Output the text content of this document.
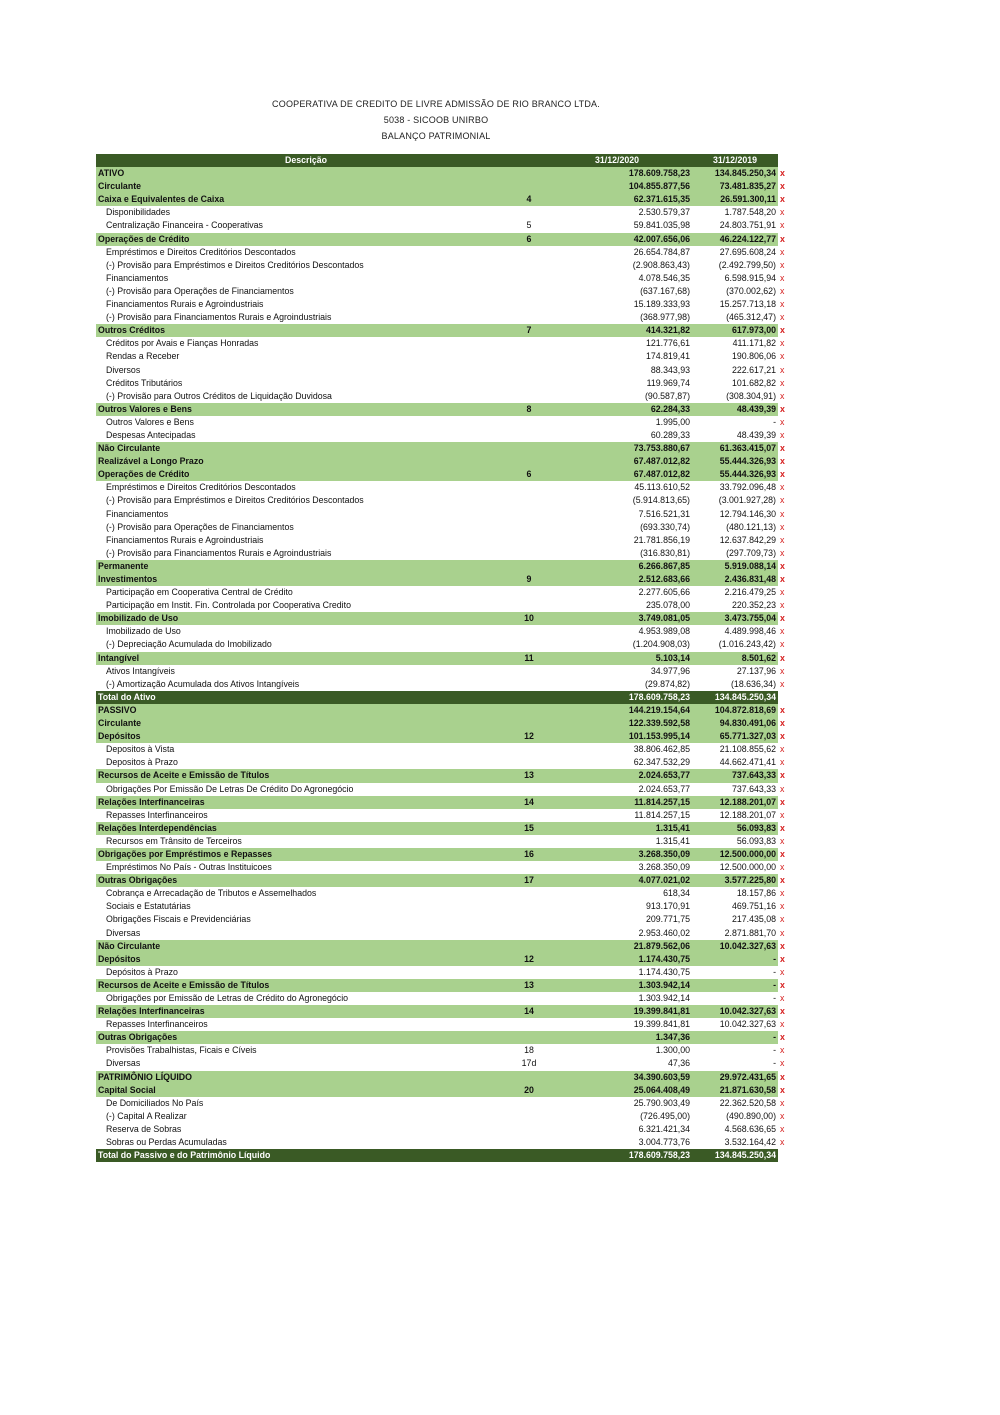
COOPERATIVA DE CREDITO DE LIVRE ADMISSÃO DE RIO BRANCO LTDA.
5038 - SICOOB UNIRBO
BALANÇO PATRIMONIAL
Descrição		31/12/2020	31/12/2019	
ATIVO		178.609.758,23	134.845.250,34	x
Circulante		104.855.877,56	73.481.835,27	x
Caixa e Equivalentes de Caixa	4	62.371.615,35	26.591.300,11	x
Disponibilidades		2.530.579,37	1.787.548,20	x
Centralização Financeira - Cooperativas	5	59.841.035,98	24.803.751,91	x
Operações de Crédito	6	42.007.656,06	46.224.122,77	x
Empréstimos e Direitos Creditórios Descontados		26.654.784,87	27.695.608,24	x
(-) Provisão para Empréstimos e Direitos Creditórios Descontados		(2.908.863,43)	(2.492.799,50)	x
Financiamentos		4.078.546,35	6.598.915,94	x
(-) Provisão para Operações de Financiamentos		(637.167,68)	(370.002,62)	x
Financiamentos Rurais e Agroindustriais		15.189.333,93	15.257.713,18	x
(-) Provisão para Financiamentos Rurais e Agroindustriais		(368.977,98)	(465.312,47)	x
Outros Créditos	7	414.321,82	617.973,00	x
Créditos por Avais e Fianças Honradas		121.776,61	411.171,82	x
Rendas a Receber		174.819,41	190.806,06	x
Diversos		88.343,93	222.617,21	x
Créditos Tributários		119.969,74	101.682,82	x
(-) Provisão para Outros Créditos de Liquidação Duvidosa		(90.587,87)	(308.304,91)	x
Outros Valores e Bens	8	62.284,33	48.439,39	x
Outros Valores e Bens		1.995,00	-	x
Despesas Antecipadas		60.289,33	48.439,39	x
Não Circulante		73.753.880,67	61.363.415,07	x
Realizável a Longo Prazo		67.487.012,82	55.444.326,93	x
Operações de Crédito	6	67.487.012,82	55.444.326,93	x
Empréstimos e Direitos Creditórios Descontados		45.113.610,52	33.792.096,48	x
(-) Provisão para Empréstimos e Direitos Creditórios Descontados		(5.914.813,65)	(3.001.927,28)	x
Financiamentos		7.516.521,31	12.794.146,30	x
(-) Provisão para Operações de Financiamentos		(693.330,74)	(480.121,13)	x
Financiamentos Rurais e Agroindustriais		21.781.856,19	12.637.842,29	x
(-) Provisão para Financiamentos Rurais e Agroindustriais		(316.830,81)	(297.709,73)	x
Permanente		6.266.867,85	5.919.088,14	x
Investimentos	9	2.512.683,66	2.436.831,48	x
Participação em Cooperativa Central de Crédito		2.277.605,66	2.216.479,25	x
Participação em Instit. Fin. Controlada por Cooperativa Credito		235.078,00	220.352,23	x
Imobilizado de Uso	10	3.749.081,05	3.473.755,04	x
Imobilizado de Uso		4.953.989,08	4.489.998,46	x
(-) Depreciação Acumulada do Imobilizado		(1.204.908,03)	(1.016.243,42)	x
Intangível	11	5.103,14	8.501,62	x
Ativos Intangíveis		34.977,96	27.137,96	x
(-) Amortização Acumulada dos Ativos Intangíveis		(29.874,82)	(18.636,34)	x
Total do Ativo		178.609.758,23	134.845.250,34	x
PASSIVO		144.219.154,64	104.872.818,69	x
Circulante		122.339.592,58	94.830.491,06	x
Depósitos	12	101.153.995,14	65.771.327,03	x
Depositos à Vista		38.806.462,85	21.108.855,62	x
Depositos à Prazo		62.347.532,29	44.662.471,41	x
Recursos de Aceite e Emissão de Títulos	13	2.024.653,77	737.643,33	x
Obrigações Por Emissão De Letras De Crédito Do Agronegócio		2.024.653,77	737.643,33	x
Relações Interfinanceiras	14	11.814.257,15	12.188.201,07	x
Repasses Interfinanceiros		11.814.257,15	12.188.201,07	x
Relações Interdependências	15	1.315,41	56.093,83	x
Recursos em Trânsito de Terceiros		1.315,41	56.093,83	x
Obrigações por Empréstimos e Repasses	16	3.268.350,09	12.500.000,00	x
Empréstimos No País - Outras Instituicoes		3.268.350,09	12.500.000,00	x
Outras Obrigações	17	4.077.021,02	3.577.225,80	x
Cobrança e Arrecadação de Tributos e Assemelhados		618,34	18.157,86	x
Sociais e Estatutárias		913.170,91	469.751,16	x
Obrigações Fiscais e Previdenciárias		209.771,75	217.435,08	x
Diversas		2.953.460,02	2.871.881,70	x
Não Circulante		21.879.562,06	10.042.327,63	x
Depósitos	12	1.174.430,75	-	x
Depósitos à Prazo		1.174.430,75	-	x
Recursos de Aceite e Emissão de Títulos	13	1.303.942,14	-	x
Obrigações por Emissão de Letras de Crédito do Agronegócio		1.303.942,14	-	x
Relações Interfinanceiras	14	19.399.841,81	10.042.327,63	x
Repasses Interfinanceiros		19.399.841,81	10.042.327,63	x
Outras Obrigações		1.347,36	-	x
Provisões Trabalhistas, Ficais e Cíveis	18	1.300,00	-	x
Diversas	17d	47,36	-	x
PATRIMÔNIO LÍQUIDO		34.390.603,59	29.972.431,65	x
Capital Social	20	25.064.408,49	21.871.630,58	x
De Domiciliados No País		25.790.903,49	22.362.520,58	x
(-) Capital A Realizar		(726.495,00)	(490.890,00)	x
Reserva de Sobras		6.321.421,34	4.568.636,65	x
Sobras ou Perdas Acumuladas		3.004.773,76	3.532.164,42	x
Total do Passivo e do Patrimônio Líquido		178.609.758,23	134.845.250,34	x
